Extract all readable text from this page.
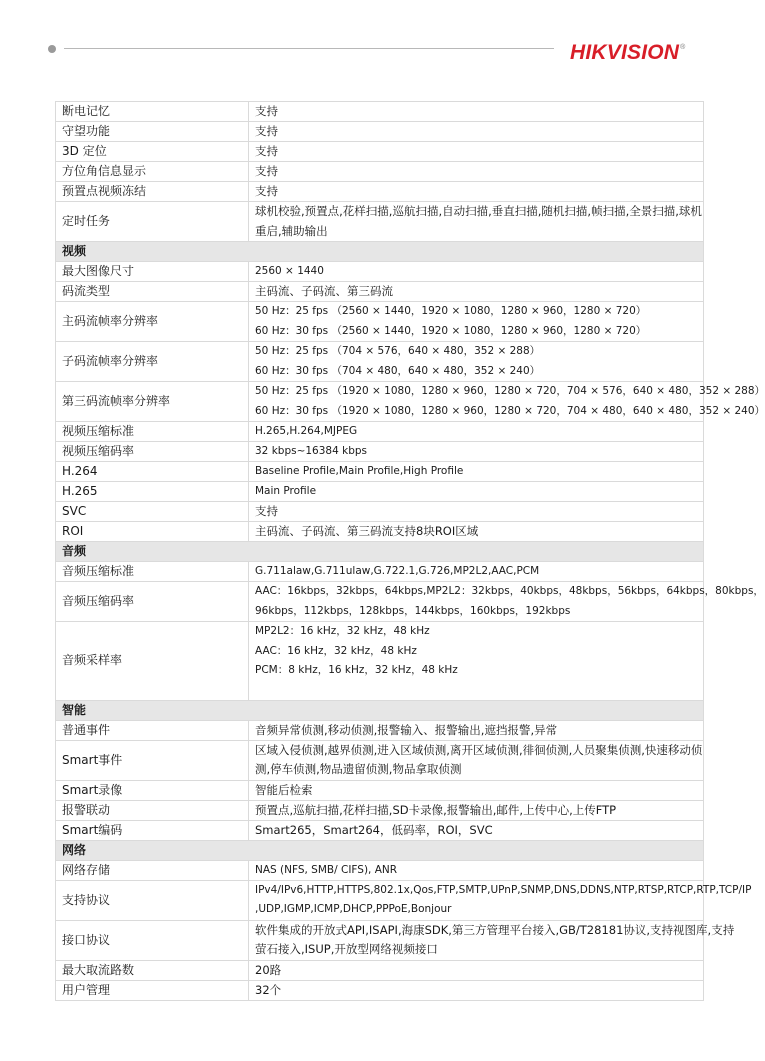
HIKVISION®
断电记忆	支持
守望功能	支持
3D 定位	支持
方位角信息显示	支持
预置点视频冻结	支持
定时任务	球机校验,预置点,花样扫描,巡航扫描,自动扫描,垂直扫描,随机扫描,帧扫描,全景扫描,球机
重启,辅助输出

视频	
最大图像尺寸	2560 × 1440
码流类型	主码流、子码流、第三码流
主码流帧率分辨率	50 Hz：25 fps （2560 × 1440，1920 × 1080，1280 × 960，1280 × 720）
60 Hz：30 fps （2560 × 1440，1920 × 1080，1280 × 960，1280 × 720）

子码流帧率分辨率	50 Hz：25 fps （704 × 576，640 × 480，352 × 288）
60 Hz：30 fps （704 × 480，640 × 480，352 × 240）

第三码流帧率分辨率	50 Hz：25 fps （1920 × 1080，1280 × 960，1280 × 720，704 × 576，640 × 480，352 × 288）
60 Hz：30 fps （1920 × 1080，1280 × 960，1280 × 720，704 × 480，640 × 480，352 × 240）

视频压缩标准	H.265,H.264,MJPEG
视频压缩码率	32 kbps~16384 kbps
H.264	Baseline Profile,Main Profile,High Profile
H.265	Main Profile
SVC	支持
ROI	主码流、子码流、第三码流支持8块ROI区域
音频	
音频压缩标准	G.711alaw,G.711ulaw,G.722.1,G.726,MP2L2,AAC,PCM
音频压缩码率	AAC：16kbps，32kbps，64kbps,MP2L2：32kbps，40kbps，48kbps，56kbps，64kbps，80kbps，
96kbps，112kbps，128kbps，144kbps，160kbps，192kbps

音频采样率	MP2L2：16 kHz，32 kHz，48 kHz
AAC：16 kHz，32 kHz，48 kHz
PCM：8 kHz，16 kHz，32 kHz，48 kHz

智能	
普通事件	音频异常侦测,移动侦测,报警输入、报警输出,遮挡报警,异常
Smart事件	区域入侵侦测,越界侦测,进入区域侦测,离开区域侦测,徘徊侦测,人员聚集侦测,快速移动侦
测,停车侦测,物品遗留侦测,物品拿取侦测

Smart录像	智能后检索
报警联动	预置点,巡航扫描,花样扫描,SD卡录像,报警输出,邮件,上传中心,上传FTP
Smart编码	Smart265，Smart264，低码率，ROI，SVC
网络	
网络存储	NAS (NFS, SMB/ CIFS), ANR
支持协议	IPv4/IPv6,HTTP,HTTPS,802.1x,Qos,FTP,SMTP,UPnP,SNMP,DNS,DDNS,NTP,RTSP,RTCP,RTP,TCP/IP
,UDP,IGMP,ICMP,DHCP,PPPoE,Bonjour

接口协议	软件集成的开放式API,ISAPI,海康SDK,第三方管理平台接入,GB/T28181协议,支持视图库,支持
萤石接入,ISUP,开放型网络视频接口

最大取流路数	20路
用户管理	32个
